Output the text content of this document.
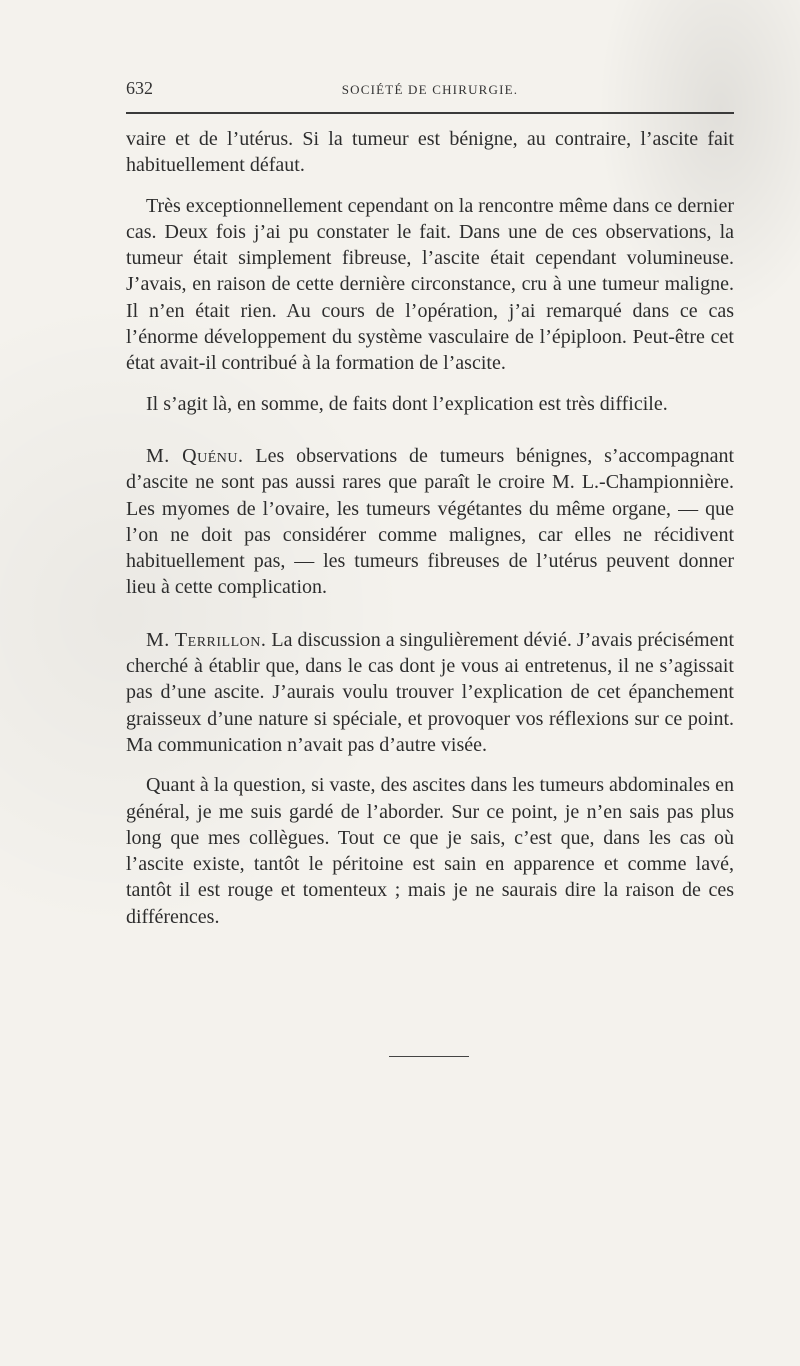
632	SOCIÉTÉ DE CHIRURGIE.

vaire et de l’utérus. Si la tumeur est bénigne, au contraire, l’ascite fait habituellement défaut.

Très exceptionnellement cependant on la rencontre même dans ce dernier cas. Deux fois j’ai pu constater le fait. Dans une de ces observations, la tumeur était simplement fibreuse, l’ascite était cependant volumineuse. J’avais, en raison de cette dernière circonstance, cru à une tumeur maligne. Il n’en était rien. Au cours de l’opération, j’ai remarqué dans ce cas l’énorme développement du système vasculaire de l’épiploon. Peut-être cet état avait-il contribué à la formation de l’ascite.

Il s’agit là, en somme, de faits dont l’explication est très difficile.

M. Quénu. Les observations de tumeurs bénignes, s’accompagnant d’ascite ne sont pas aussi rares que paraît le croire M. L.-Championnière. Les myomes de l’ovaire, les tumeurs végétantes du même organe, — que l’on ne doit pas considérer comme malignes, car elles ne récidivent habituellement pas, — les tumeurs fibreuses de l’utérus peuvent donner lieu à cette complication.

M. Terrillon. La discussion a singulièrement dévié. J’avais précisément cherché à établir que, dans le cas dont je vous ai entretenus, il ne s’agissait pas d’une ascite. J’aurais voulu trouver l’explication de cet épanchement graisseux d’une nature si spéciale, et provoquer vos réflexions sur ce point. Ma communication n’avait pas d’autre visée.

Quant à la question, si vaste, des ascites dans les tumeurs abdominales en général, je me suis gardé de l’aborder. Sur ce point, je n’en sais pas plus long que mes collègues. Tout ce que je sais, c’est que, dans les cas où l’ascite existe, tantôt le péritoine est sain en apparence et comme lavé, tantôt il est rouge et tomenteux ; mais je ne saurais dire la raison de ces différences.
